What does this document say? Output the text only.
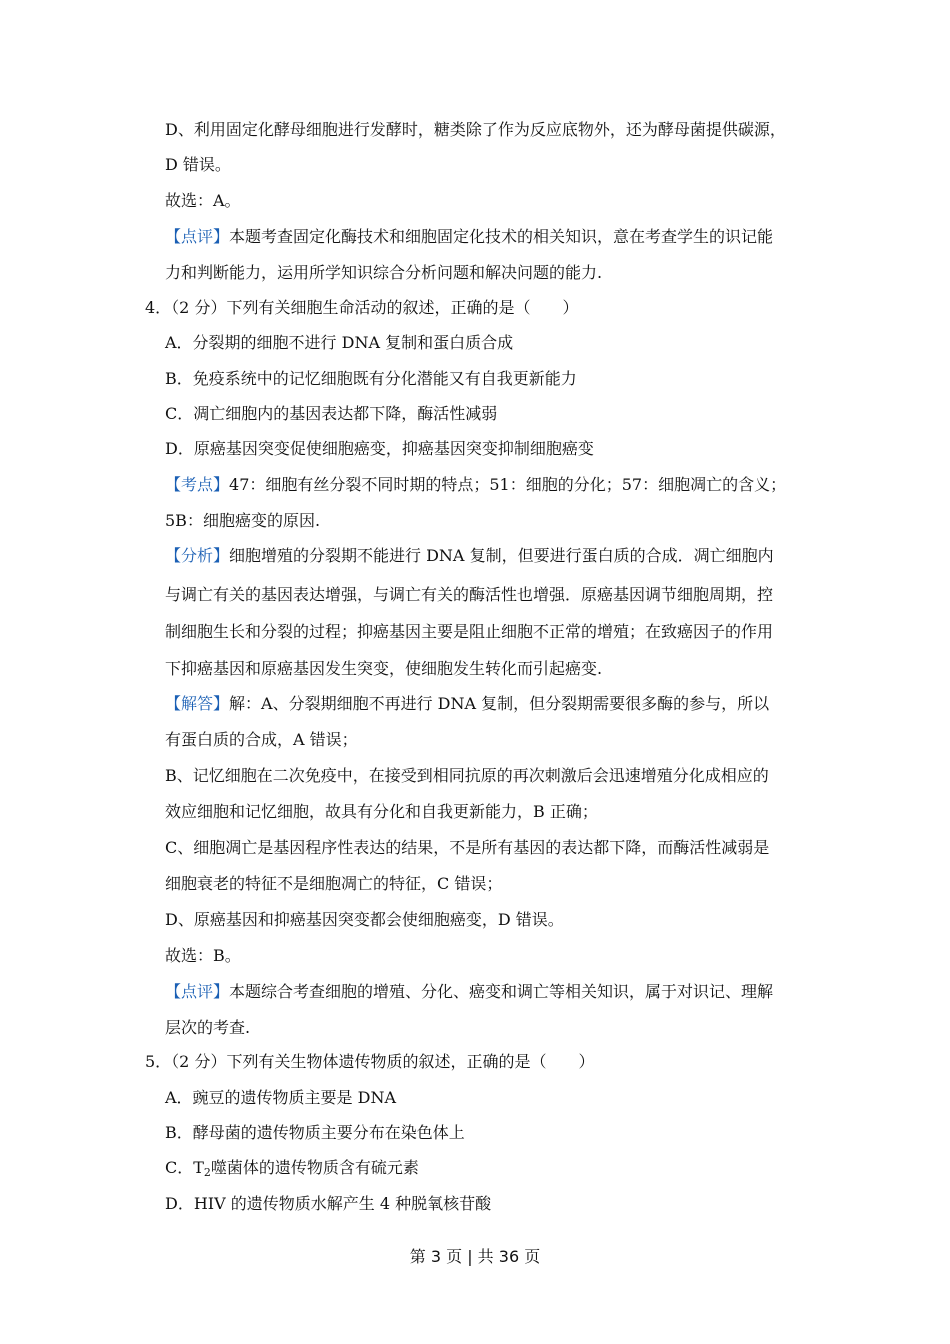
D、利用固定化酵母细胞进行发酵时，糖类除了作为反应底物外，还为酵母菌提供碳源，
D 错误。
故选：A。
【点评】本题考查固定化酶技术和细胞固定化技术的相关知识，意在考查学生的识记能
力和判断能力，运用所学知识综合分析问题和解决问题的能力.
4．（2 分）下列有关细胞生命活动的叙述，正确的是（　　）
A．分裂期的细胞不进行 DNA 复制和蛋白质合成
B．免疫系统中的记忆细胞既有分化潜能又有自我更新能力
C．凋亡细胞内的基因表达都下降，酶活性减弱
D．原癌基因突变促使细胞癌变，抑癌基因突变抑制细胞癌变
【考点】47：细胞有丝分裂不同时期的特点；51：细胞的分化；57：细胞凋亡的含义；
5B：细胞癌变的原因.
【分析】细胞增殖的分裂期不能进行 DNA 复制，但要进行蛋白质的合成．凋亡细胞内
与调亡有关的基因表达增强，与调亡有关的酶活性也增强．原癌基因调节细胞周期，控
制细胞生长和分裂的过程；抑癌基因主要是阻止细胞不正常的增殖；在致癌因子的作用
下抑癌基因和原癌基因发生突变，使细胞发生转化而引起癌变.
【解答】解：A、分裂期细胞不再进行 DNA 复制，但分裂期需要很多酶的参与，所以
有蛋白质的合成，A 错误；
B、记忆细胞在二次免疫中，在接受到相同抗原的再次刺激后会迅速增殖分化成相应的
效应细胞和记忆细胞，故具有分化和自我更新能力，B 正确；
C、细胞凋亡是基因程序性表达的结果，不是所有基因的表达都下降，而酶活性减弱是
细胞衰老的特征不是细胞凋亡的特征，C 错误；
D、原癌基因和抑癌基因突变都会使细胞癌变，D 错误。
故选：B。
【点评】本题综合考查细胞的增殖、分化、癌变和调亡等相关知识，属于对识记、理解
层次的考查.
5．（2 分）下列有关生物体遗传物质的叙述，正确的是（　　）
A．豌豆的遗传物质主要是 DNA
B．酵母菌的遗传物质主要分布在染色体上
C．$T_2$噬菌体的遗传物质含有硫元素
D．HIV 的遗传物质水解产生 4 种脱氧核苷酸
第 3 页 | 共 36 页
